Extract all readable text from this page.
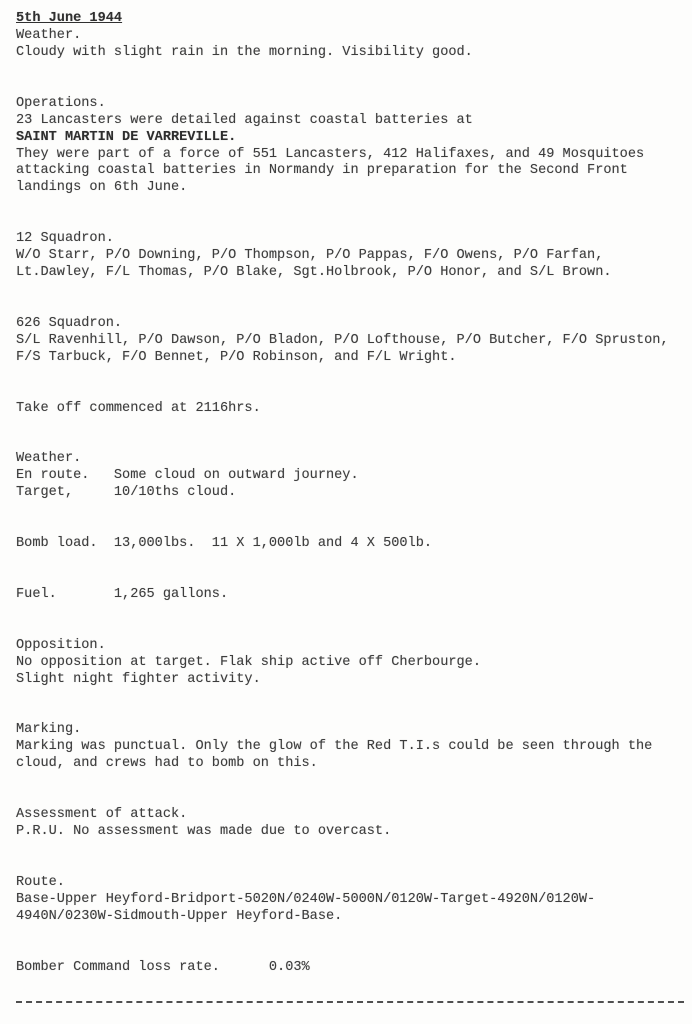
5th June 1944
Weather.
Cloudy with slight rain in the morning. Visibility good.
Operations.
23 Lancasters were detailed against coastal batteries at
SAINT MARTIN DE VARREVILLE.
They were part of a force of 551 Lancasters, 412 Halifaxes, and 49 Mosquitoes
attacking coastal batteries in Normandy in preparation for the Second Front
landings on 6th June.
12 Squadron.
W/O Starr, P/O Downing, P/O Thompson, P/O Pappas, F/O Owens, P/O Farfan,
Lt.Dawley, F/L Thomas, P/O Blake, Sgt.Holbrook, P/O Honor, and S/L Brown.
626 Squadron.
S/L Ravenhill, P/O Dawson, P/O Bladon, P/O Lofthouse, P/O Butcher, F/O Spruston,
F/S Tarbuck, F/O Bennet, P/O Robinson, and F/L Wright.
Take off commenced at 2116hrs.
Weather.
En route.   Some cloud on outward journey.
Target,     10/10ths cloud.
Bomb load.  13,000lbs.  11 X 1,000lb and 4 X 500lb.
Fuel.       1,265 gallons.
Opposition.
No opposition at target. Flak ship active off Cherbourge.
Slight night fighter activity.
Marking.
Marking was punctual. Only the glow of the Red T.I.s could be seen through the
cloud, and crews had to bomb on this.
Assessment of attack.
P.R.U. No assessment was made due to overcast.
Route.
Base-Upper Heyford-Bridport-5020N/0240W-5000N/0120W-Target-4920N/0120W-
4940N/0230W-Sidmouth-Upper Heyford-Base.
Bomber Command loss rate.      0.03%
